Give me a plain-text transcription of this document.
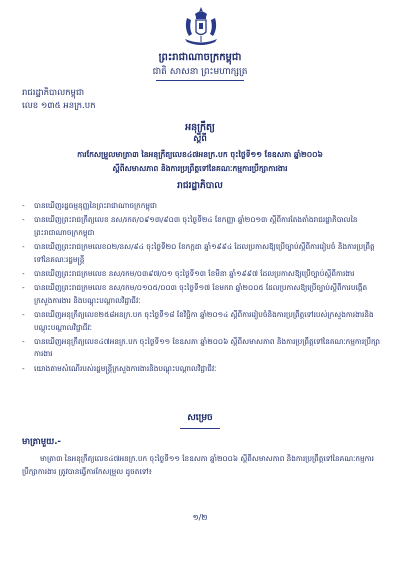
ព្រះរាជាណាចក្រកម្ពុជា
ជាតិ សាសនា ព្រះមហាក្សត្រ
រាជរដ្ឋាភិបាលកម្ពុជា
លេខ ១៣៥ អនក្រ.បក
អនុក្រឹត្យ
ស្ដីពី
ការកែសម្រួលមាត្រា៣ នៃអនុក្រឹត្យលេខ៤៧អនក្រ.បក ចុះថ្ងៃទី១១ ខែឧសភា ឆ្នាំ២០០៦
ស្ដីពីសមាសភាព និងការប្រព្រឹត្តទៅនៃគណៈកម្មការប្រឹក្សាការងារ
រាជរដ្ឋាភិបាល
- បានឃើញរដ្ឋធម្មនុញ្ញនៃព្រះរាជាណាចក្រកម្ពុជា
- បានឃើញព្រះរាជក្រឹត្យលេខ នស/រកត/០៩១៣/៩០៣ ចុះថ្ងៃទី២៤ ខែកញ្ញា ឆ្នាំ២០១៣ ស្ដីពីការតែងតាំងរាជរដ្ឋាភិបាលនៃព្រះរាជាណាចក្រកម្ពុជា
- បានឃើញព្រះរាជក្រមលេខ០២/នស/៩៤ ចុះថ្ងៃទី២០ ខែកក្កដា ឆ្នាំ១៩៩៤ ដែលប្រកាសឱ្យប្រើច្បាប់ស្ដីពីការរៀបចំ និងការប្រព្រឹត្តទៅនៃគណៈរដ្ឋមន្ត្រី
- បានឃើញព្រះរាជក្រមលេខ នស/រកម/០៣៩៧/០១ ចុះថ្ងៃទី១៣ ខែមីនា ឆ្នាំ១៩៩៧ ដែលប្រកាសឱ្យប្រើច្បាប់ស្ដីពីការងារ
- បានឃើញព្រះរាជក្រមលេខ នស/រកម/០១០៥/០០៣ ចុះថ្ងៃទី១៧ ខែមករា ឆ្នាំ២០០៥ ដែលប្រកាសឱ្យប្រើច្បាប់ស្ដីពីការបង្កើតក្រសួងការងារ និងបណ្ដុះបណ្ដាលវិជ្ជាជីវៈ
- បានឃើញអនុក្រឹត្យលេខ២៥៨អនក្រ.បក ចុះថ្ងៃទី១៨ ខែវិច្ឆិកា ឆ្នាំ២០១៤ ស្ដីពីការរៀបចំនិងការប្រព្រឹត្តទៅរបស់ក្រសួងការងារនិងបណ្ដុះបណ្ដាលវិជ្ជាជីវៈ
- បានឃើញអនុក្រឹត្យលេខ៤៧អនក្រ.បក ចុះថ្ងៃទី១១ ខែឧសភា ឆ្នាំ២០០៦ ស្ដីពីសមាសភាព និងការប្រព្រឹត្តទៅនៃគណៈកម្មការប្រឹក្សាការងារ
- យោងតាមសំណើរបស់រដ្ឋមន្ត្រីក្រសួងការងារនិងបណ្ដុះបណ្ដាលវិជ្ជាជីវៈ
សម្រេច
មាត្រាមួយ.-
មាត្រា៣ នៃអនុក្រឹត្យលេខ៤៧អនក្រ.បក ចុះថ្ងៃទី១១ ខែឧសភា ឆ្នាំ២០០៦ ស្ដីពីសមាសភាព និងការប្រព្រឹត្តទៅនៃគណៈកម្មការប្រឹក្សាការងារ ត្រូវបានធ្វើការកែសម្រួល ដូចតទៅ៖
១/២
